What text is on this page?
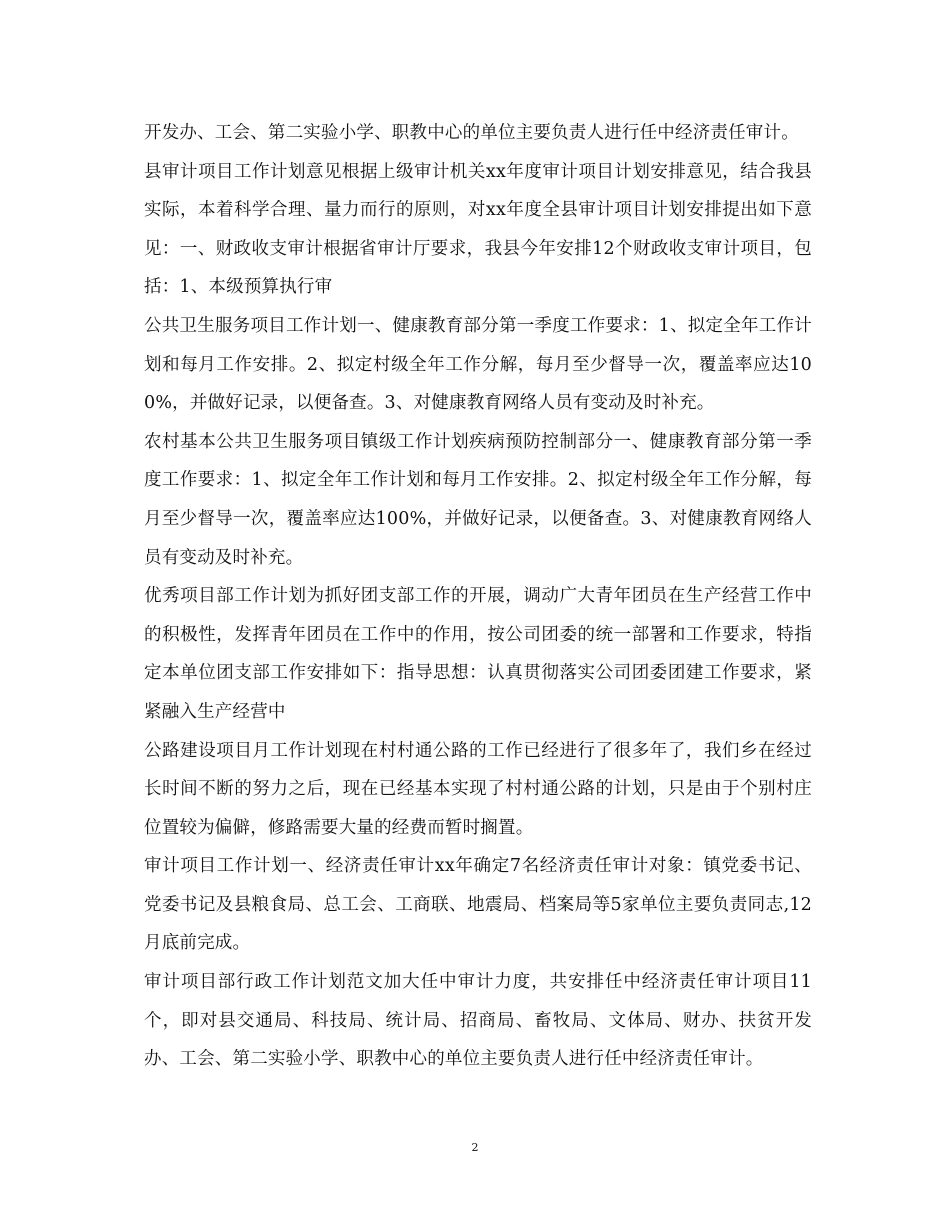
开发办、工会、第二实验小学、职教中心的单位主要负责人进行任中经济责任审计。

县审计项目工作计划意见根据上级审计机关xx年度审计项目计划安排意见，结合我县实际，本着科学合理、量力而行的原则，对xx年度全县审计项目计划安排提出如下意见：一、财政收支审计根据省审计厅要求，我县今年安排12个财政收支审计项目，包括：1、本级预算执行审

公共卫生服务项目工作计划一、健康教育部分第一季度工作要求：1、拟定全年工作计划和每月工作安排。2、拟定村级全年工作分解，每月至少督导一次，覆盖率应达100%，并做好记录，以便备查。3、对健康教育网络人员有变动及时补充。

农村基本公共卫生服务项目镇级工作计划疾病预防控制部分一、健康教育部分第一季度工作要求：1、拟定全年工作计划和每月工作安排。2、拟定村级全年工作分解，每月至少督导一次，覆盖率应达100%，并做好记录，以便备查。3、对健康教育网络人员有变动及时补充。

优秀项目部工作计划为抓好团支部工作的开展，调动广大青年团员在生产经营工作中的积极性，发挥青年团员在工作中的作用，按公司团委的统一部署和工作要求，特指定本单位团支部工作安排如下：指导思想：认真贯彻落实公司团委团建工作要求，紧紧融入生产经营中

公路建设项目月工作计划现在村村通公路的工作已经进行了很多年了，我们乡在经过长时间不断的努力之后，现在已经基本实现了村村通公路的计划，只是由于个别村庄位置较为偏僻，修路需要大量的经费而暂时搁置。

审计项目工作计划一、经济责任审计xx年确定7名经济责任审计对象：镇党委书记、党委书记及县粮食局、总工会、工商联、地震局、档案局等5家单位主要负责同志,12月底前完成。

审计项目部行政工作计划范文加大任中审计力度，共安排任中经济责任审计项目11个，即对县交通局、科技局、统计局、招商局、畜牧局、文体局、财办、扶贫开发办、工会、第二实验小学、职教中心的单位主要负责人进行任中经济责任审计。

2
